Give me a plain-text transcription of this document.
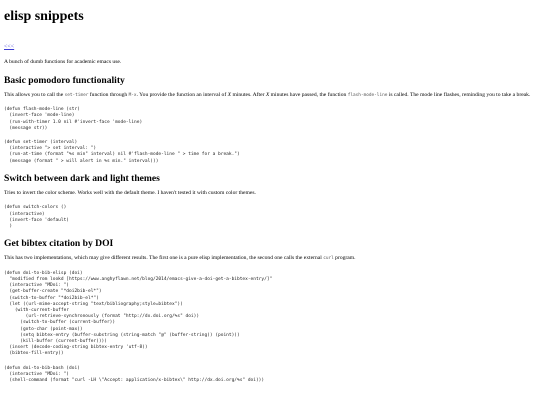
elisp snippets
<<<

A bunch of dumb functions for academic emacs use.

Basic pomodoro functionality

This allows you to call the set-timer function through M-x. You provide the function an interval of X minutes. After X minutes have passed, the function flash-mode-line is called. The mode line flashes, reminding you to take a break.

(defun flash-mode-line (str)
(invert-face 'mode-line)
(run-with-timer 1.0 nil #'invert-face 'mode-line)
(message str))
(defun set-timer (interval)
(interactive "> set interval: ")
(run-at-time (format "%s min" interval) nil #'flash-mode-line " > time for a break.")
(message (format " > will alert in %s min." interval)))
Switch between dark and light themes

Tries to invert the color scheme. Works well with the default theme. I haven't tested it with custom color themes.

(defun switch-colors ()
(interactive)
(invert-face 'default)
)
Get bibtex citation by DOI

This has two implementations, which may give different results. The first one is a pure elisp implementation, the second one calls the external curl program.

(defun doi-to-bib-elisp (doi)
"modified from lookd [https://www.anghyflawn.net/blog/2014/emacs-give-a-doi-get-a-bibtex-entry/]"
(interactive "MDoi: ")
(get-buffer-create "*doi2bib-el*")
(switch-to-buffer "*doi2bib-el*")
(let ((url-mime-accept-string "text/bibliography;style=bibtex"))
(with-current-buffer
(url-retrieve-synchronously (format "http://dx.doi.org/%s" doi))
(switch-to-buffer (current-buffer))
(goto-char (point-max))
(setq bibtex-entry (buffer-substring (string-match "@" (buffer-string)) (point)))
(kill-buffer (current-buffer))))
(insert (decode-coding-string bibtex-entry 'utf-8))
(bibtex-fill-entry))
(defun doi-to-bib-bash (doi)
(interactive "MDoi: ")
(shell-command (format "curl -LH \"Accept: application/x-bibtex\" http://dx.doi.org/%s" doi)))
